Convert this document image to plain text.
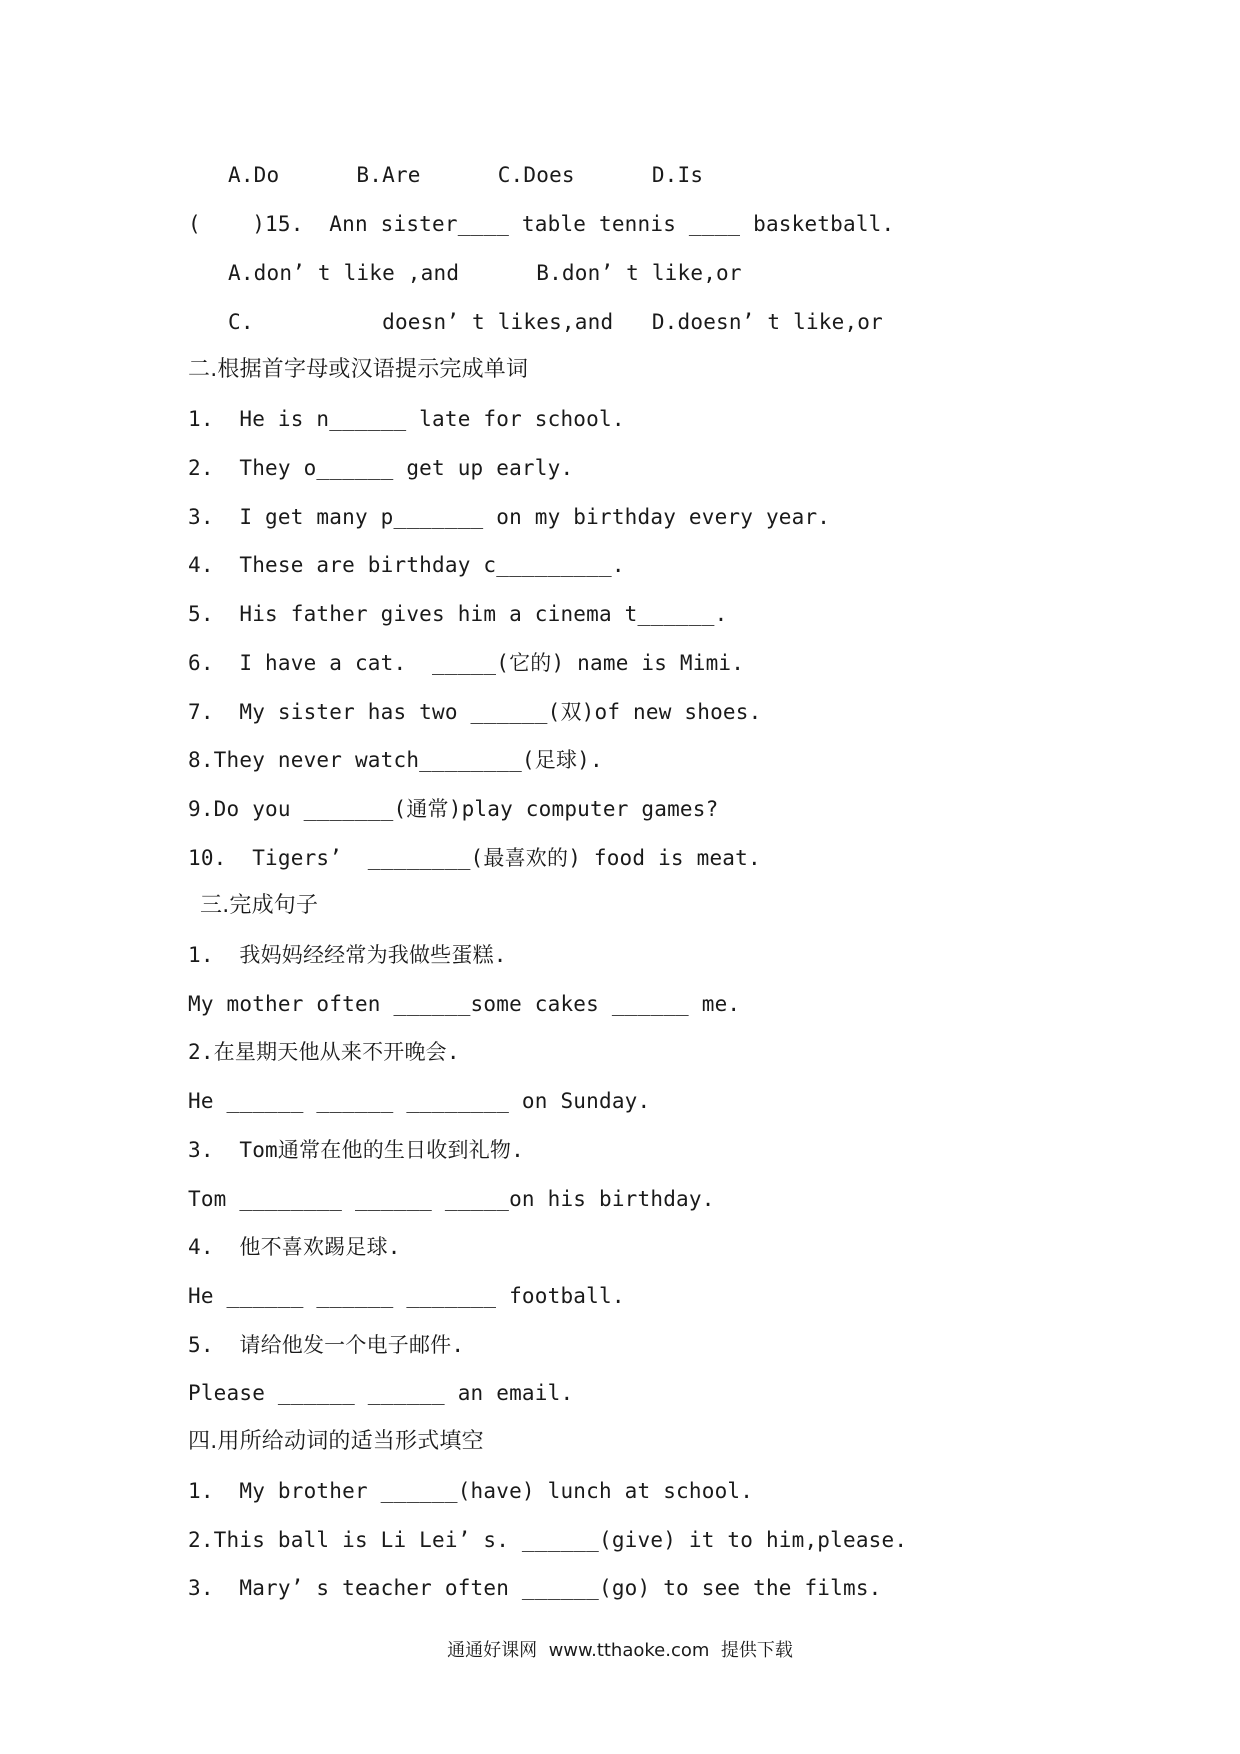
A.Do      B.Are      C.Does      D.Is
(    )15.  Ann sister____ table tennis ____ basketball.
A.don’ t like ,and      B.don’ t like,or
C.          doesn’ t likes,and   D.doesn’ t like,or
二.根据首字母或汉语提示完成单词
1.  He is n______ late for school.
2.  They o______ get up early.
3.  I get many p_______ on my birthday every year.
4.  These are birthday c_________.
5.  His father gives him a cinema t______.
6.  I have a cat.  _____(它的) name is Mimi.
7.  My sister has two ______(双)of new shoes.
8.They never watch________(足球).
9.Do you _______(通常)play computer games?
10.  Tigers’  ________(最喜欢的) food is meat.
三.完成句子
1.  我妈妈经经常为我做些蛋糕.
My mother often ______some cakes ______ me.
2.在星期天他从来不开晚会.
He ______ ______ ________ on Sunday.
3.  Tom通常在他的生日收到礼物.
Tom ________ ______ _____on his birthday.
4.  他不喜欢踢足球.
He ______ ______ _______ football.
5.  请给他发一个电子邮件.
Please ______ ______ an email.
四.用所给动词的适当形式填空
1.  My brother ______(have) lunch at school.
2.This ball is Li Lei’ s. ______(give) it to him,please.
3.  Mary’ s teacher often ______(go) to see the films.
通通好课网  www.tthaoke.com  提供下载
